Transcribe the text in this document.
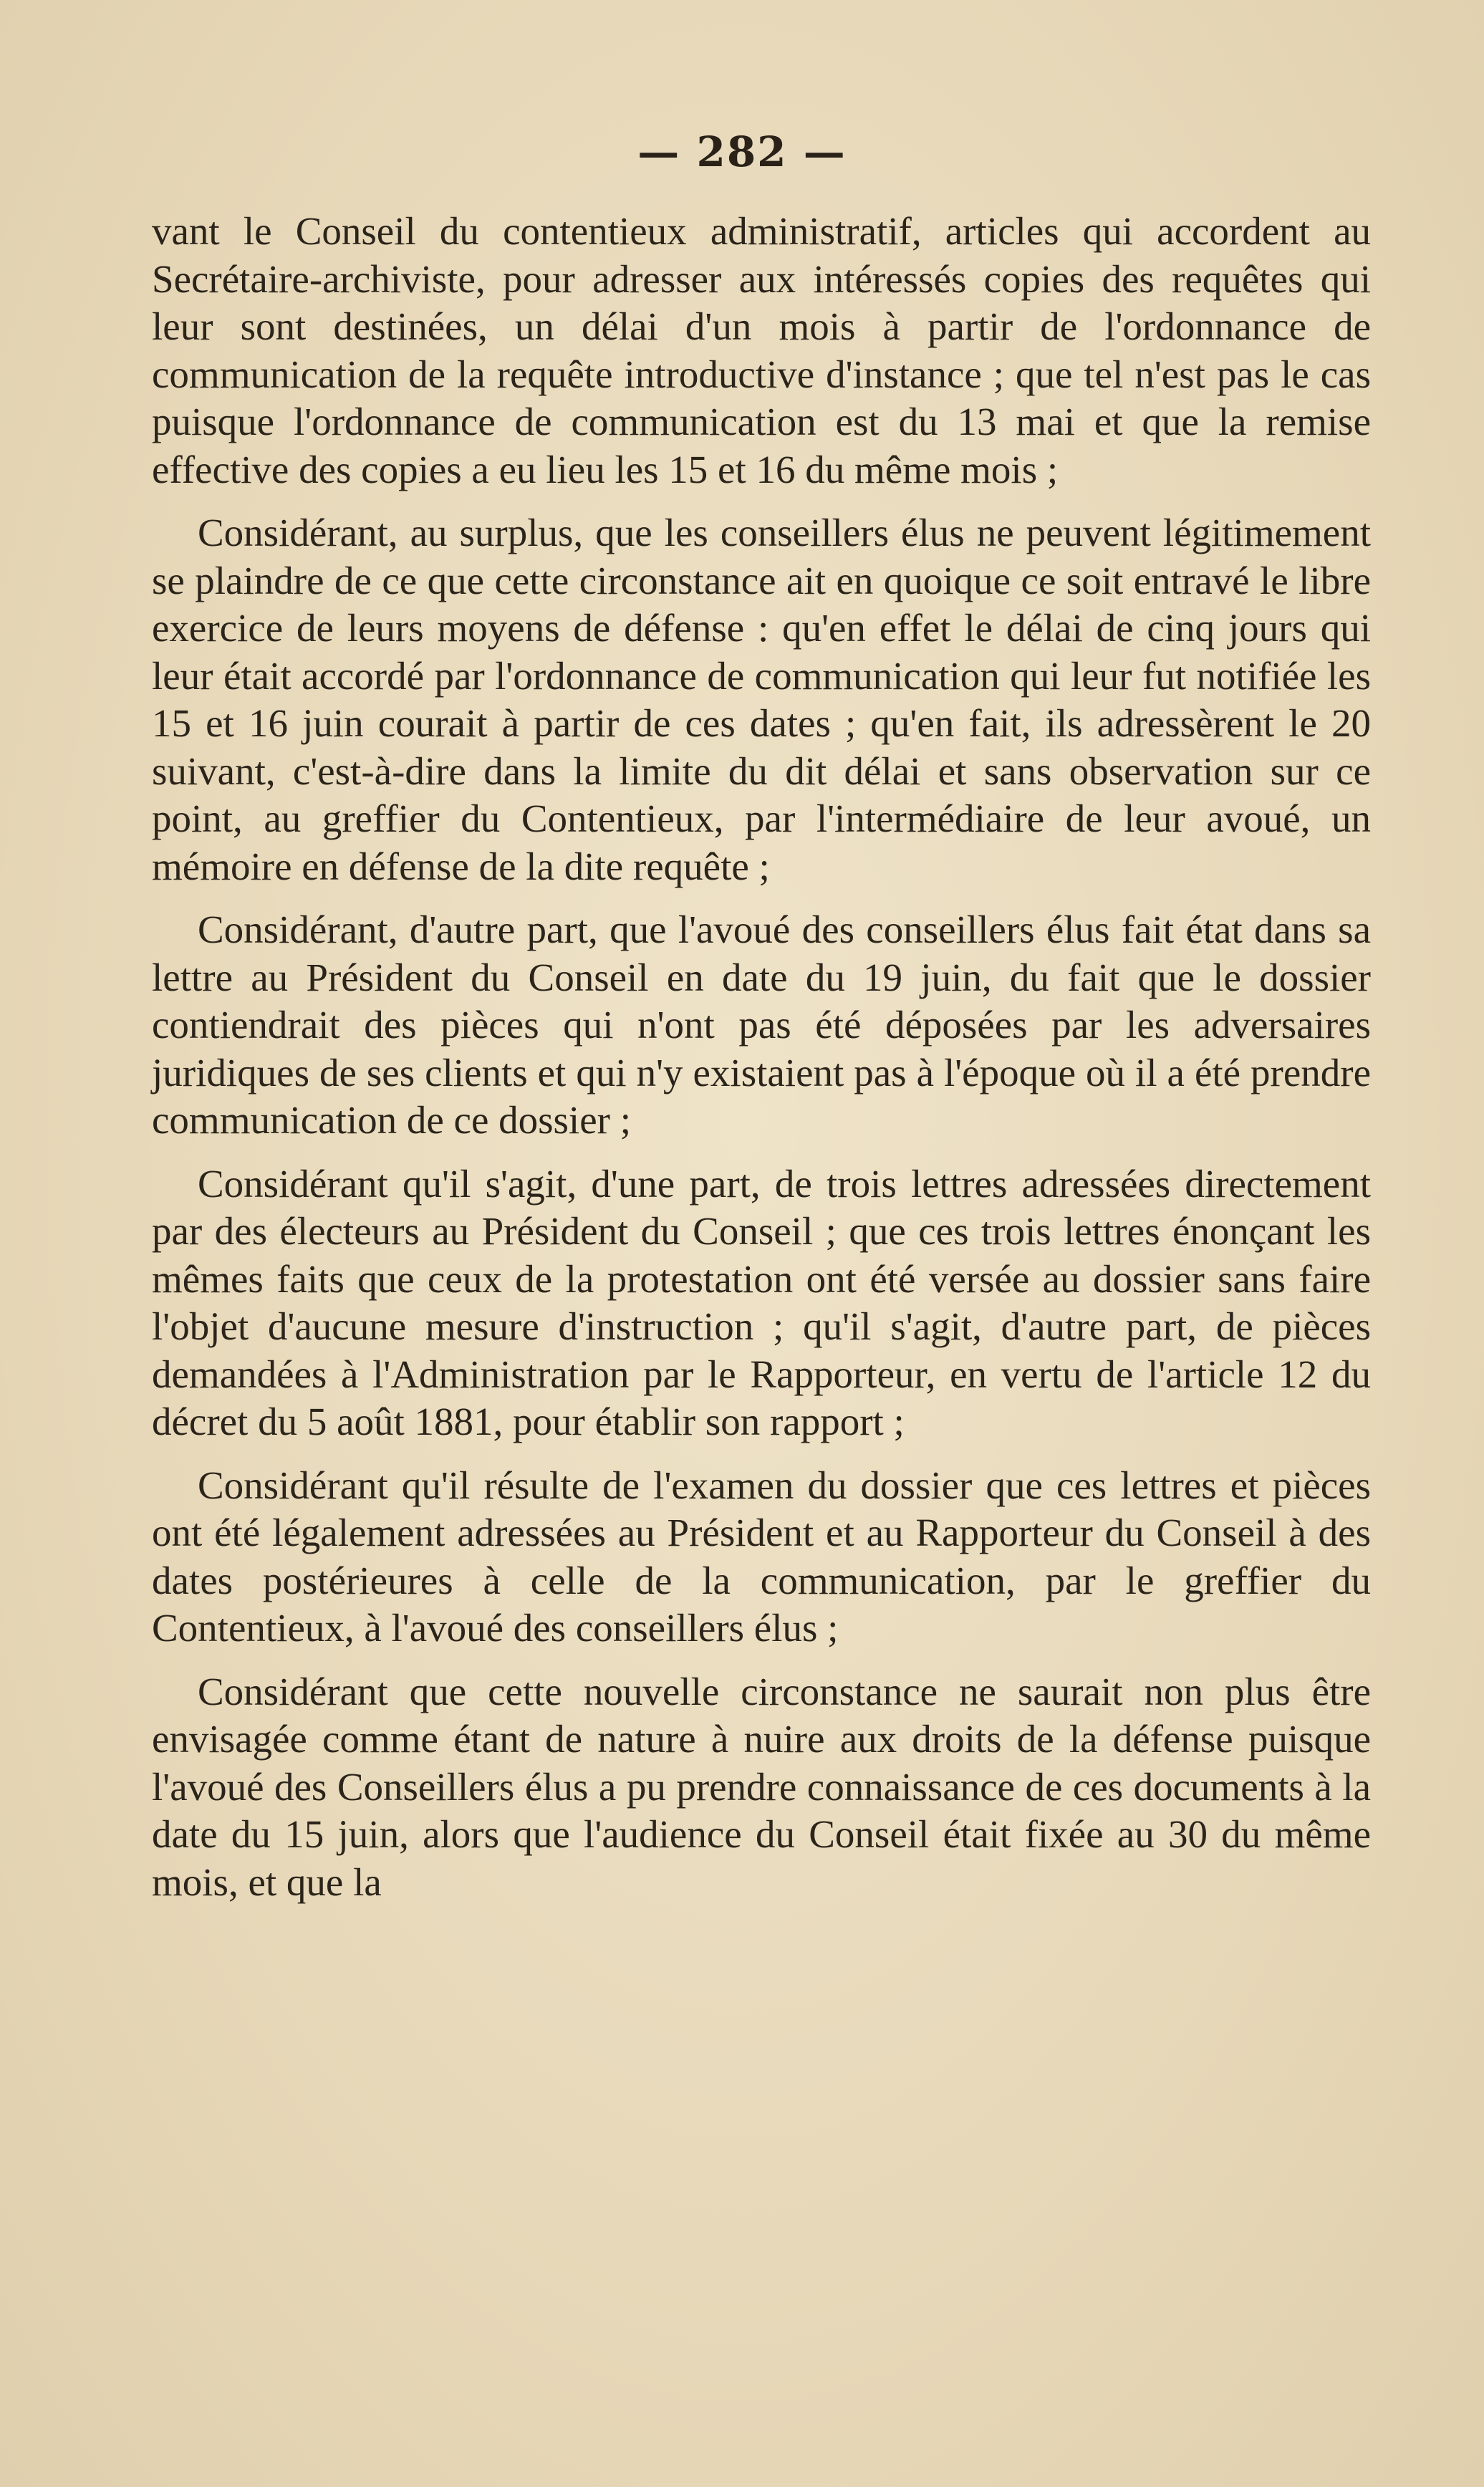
— 282 —

vant le Conseil du contentieux administratif, articles qui accordent au Secrétaire-archiviste, pour adresser aux intéressés copies des requêtes qui leur sont destinées, un délai d'un mois à partir de l'ordonnance de communication de la requête introductive d'instance ; que tel n'est pas le cas puisque l'ordonnance de communication est du 13 mai et que la remise effective des copies a eu lieu les 15 et 16 du même mois ;

Considérant, au surplus, que les conseillers élus ne peuvent légitimement se plaindre de ce que cette circonstance ait en quoique ce soit entravé le libre exercice de leurs moyens de défense : qu'en effet le délai de cinq jours qui leur était accordé par l'ordonnance de communication qui leur fut notifiée les 15 et 16 juin courait à partir de ces dates ; qu'en fait, ils adressèrent le 20 suivant, c'est-à-dire dans la limite du dit délai et sans observation sur ce point, au greffier du Contentieux, par l'intermédiaire de leur avoué, un mémoire en défense de la dite requête ;

Considérant, d'autre part, que l'avoué des conseillers élus fait état dans sa lettre au Président du Conseil en date du 19 juin, du fait que le dossier contiendrait des pièces qui n'ont pas été déposées par les adversaires juridiques de ses clients et qui n'y existaient pas à l'époque où il a été prendre communication de ce dossier ;

Considérant qu'il s'agit, d'une part, de trois lettres adressées directement par des électeurs au Président du Conseil ; que ces trois lettres énonçant les mêmes faits que ceux de la protestation ont été versée au dossier sans faire l'objet d'aucune mesure d'instruction ; qu'il s'agit, d'autre part, de pièces demandées à l'Administration par le Rapporteur, en vertu de l'article 12 du décret du 5 août 1881, pour établir son rapport ;

Considérant qu'il résulte de l'examen du dossier que ces lettres et pièces ont été légalement adressées au Président et au Rapporteur du Conseil à des dates postérieures à celle de la communication, par le greffier du Contentieux, à l'avoué des conseillers élus ;

Considérant que cette nouvelle circonstance ne saurait non plus être envisagée comme étant de nature à nuire aux droits de la défense puisque l'avoué des Conseillers élus a pu prendre connaissance de ces documents à la date du 15 juin, alors que l'audience du Conseil était fixée au 30 du même mois, et que la
